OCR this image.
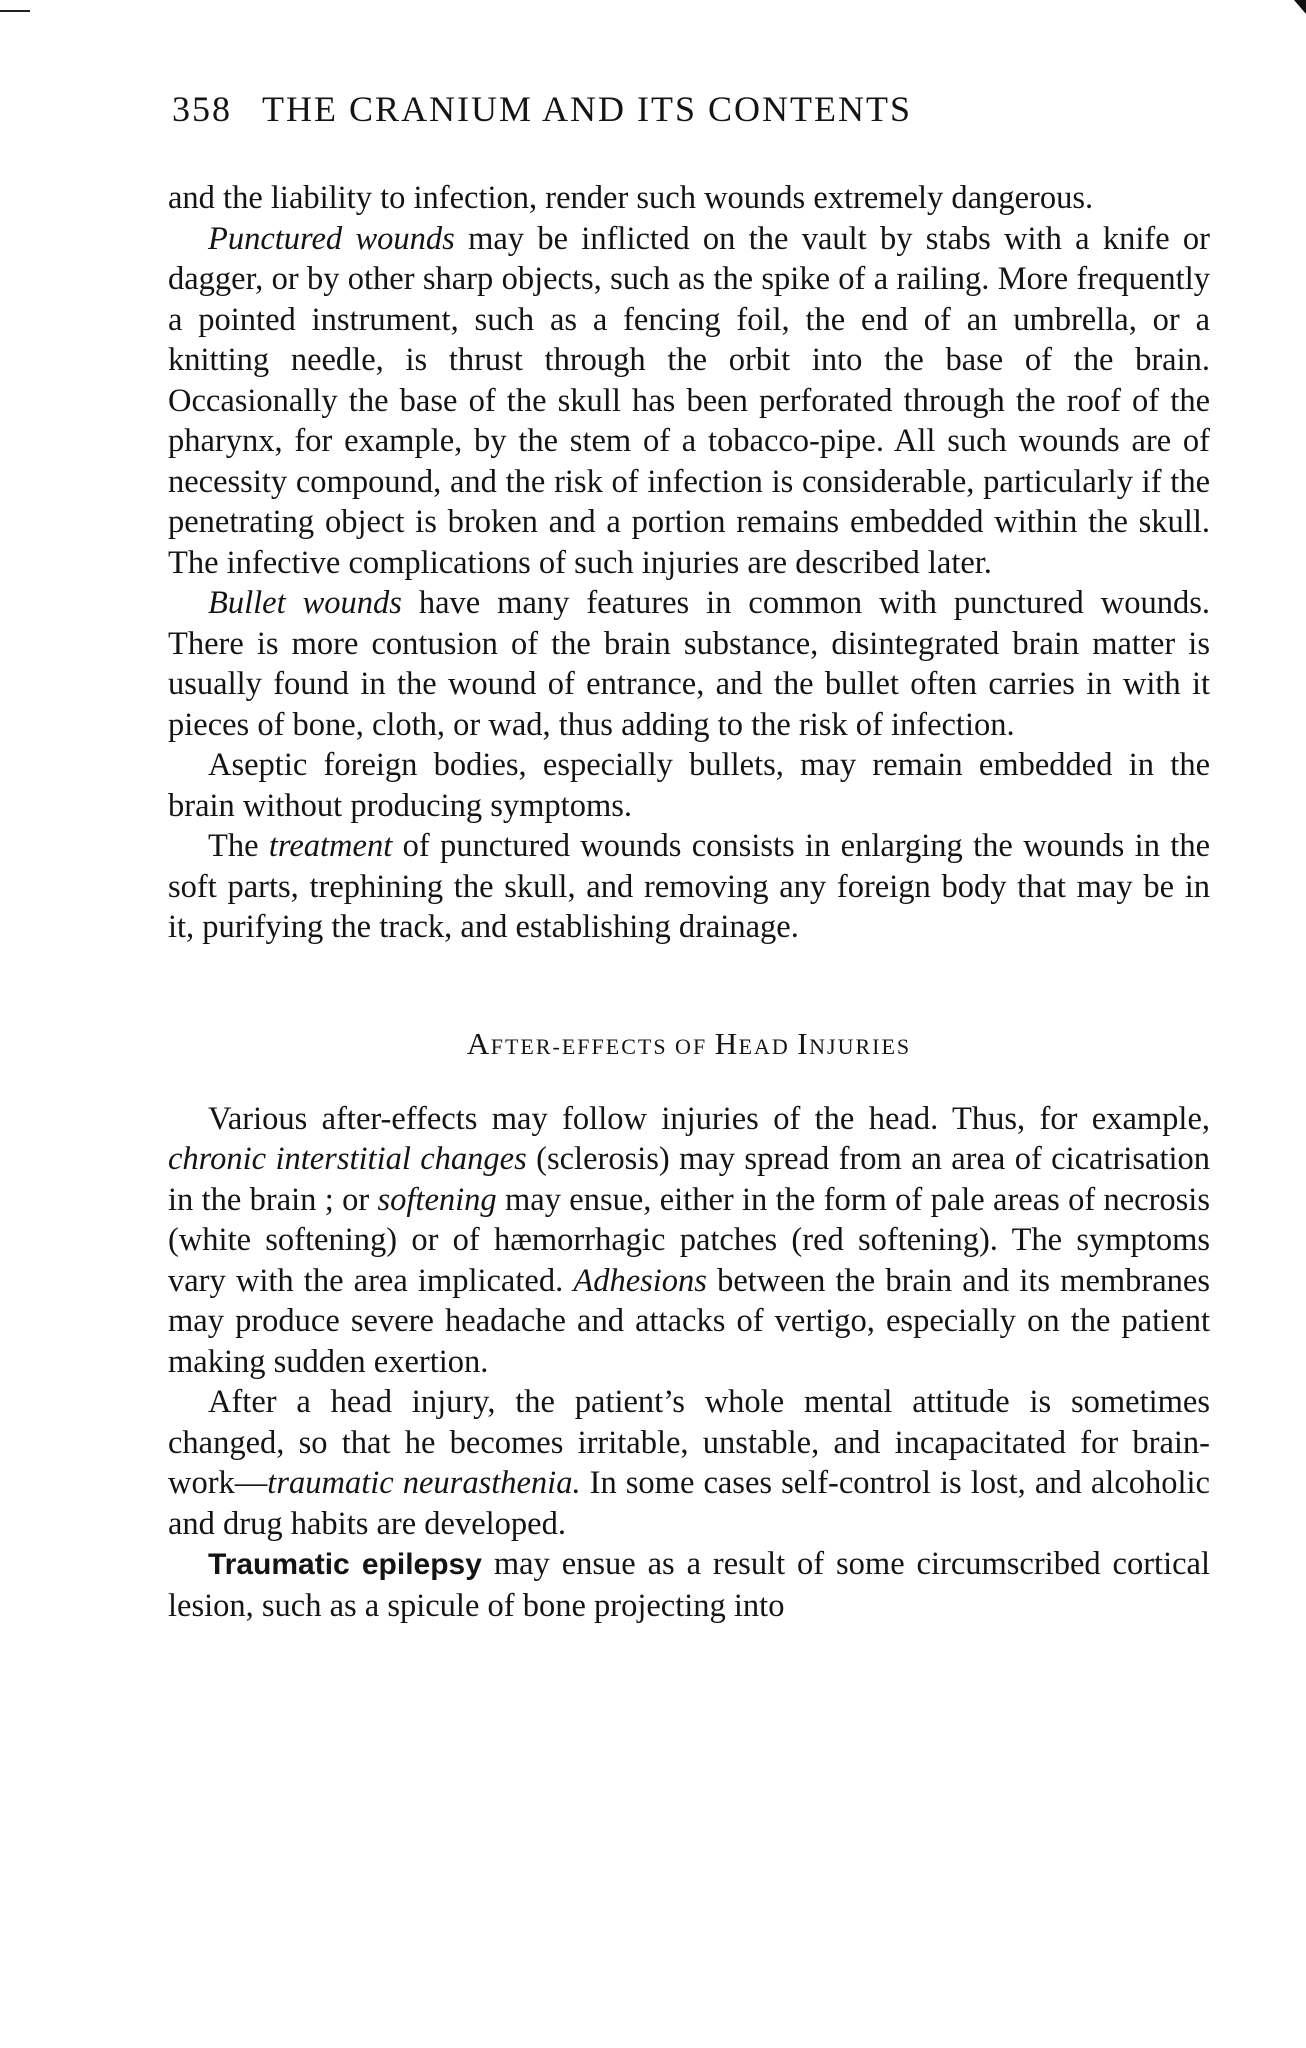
358 THE CRANIUM AND ITS CONTENTS

and the liability to infection, render such wounds extremely dangerous.

Punctured wounds may be inflicted on the vault by stabs with a knife or dagger, or by other sharp objects, such as the spike of a railing. More frequently a pointed instrument, such as a fencing foil, the end of an umbrella, or a knitting needle, is thrust through the orbit into the base of the brain. Occasionally the base of the skull has been perforated through the roof of the pharynx, for example, by the stem of a tobacco-pipe. All such wounds are of necessity compound, and the risk of infection is considerable, particularly if the penetrating object is broken and a portion remains embedded within the skull. The infective complications of such injuries are described later.

Bullet wounds have many features in common with punctured wounds. There is more contusion of the brain substance, disintegrated brain matter is usually found in the wound of entrance, and the bullet often carries in with it pieces of bone, cloth, or wad, thus adding to the risk of infection.

Aseptic foreign bodies, especially bullets, may remain embedded in the brain without producing symptoms.

The treatment of punctured wounds consists in enlarging the wounds in the soft parts, trephining the skull, and removing any foreign body that may be in it, purifying the track, and establishing drainage.

AFTER-EFFECTS OF HEAD INJURIES

Various after-effects may follow injuries of the head. Thus, for example, chronic interstitial changes (sclerosis) may spread from an area of cicatrisation in the brain ; or softening may ensue, either in the form of pale areas of necrosis (white softening) or of hæmorrhagic patches (red softening). The symptoms vary with the area implicated. Adhesions between the brain and its membranes may produce severe headache and attacks of vertigo, especially on the patient making sudden exertion.

After a head injury, the patient’s whole mental attitude is sometimes changed, so that he becomes irritable, unstable, and incapacitated for brain-work—traumatic neurasthenia. In some cases self-control is lost, and alcoholic and drug habits are developed.

Traumatic epilepsy may ensue as a result of some circumscribed cortical lesion, such as a spicule of bone projecting into
